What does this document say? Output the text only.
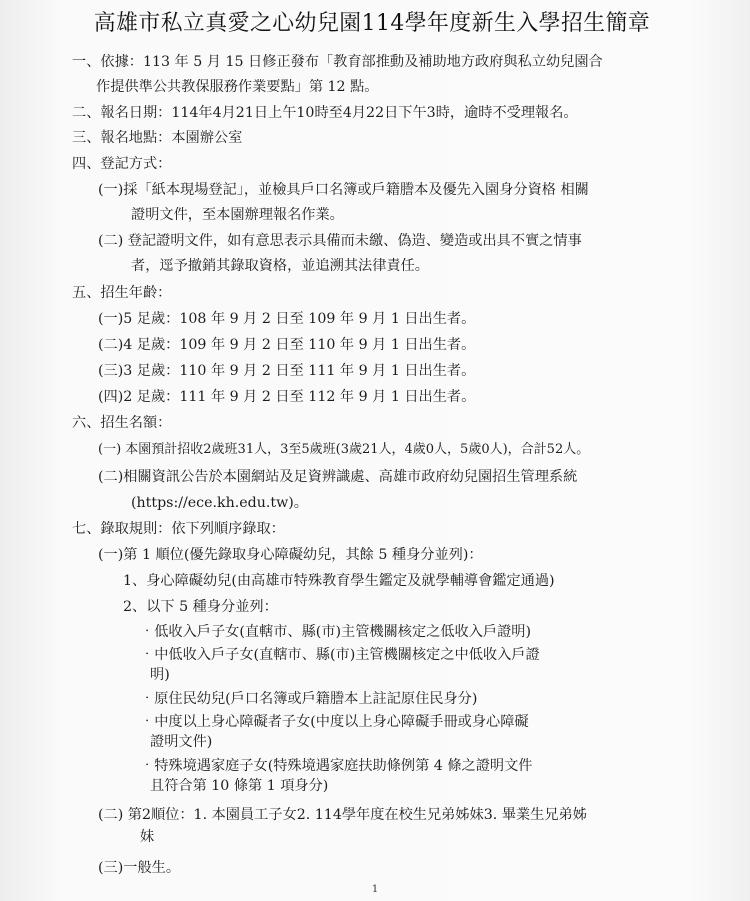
高雄市私立真愛之心幼兒園114學年度新生入學招生簡章
一、依據：113 年 5 月 15 日修正發布「教育部推動及補助地方政府與私立幼兒園合
作提供準公共教保服務作業要點」第 12 點。
二、報名日期：114年4月21日上午10時至4月22日下午3時，逾時不受理報名。
三、報名地點：本園辦公室
四、登記方式：
(一)採「紙本現場登記」，並檢具戶口名簿或戶籍謄本及優先入園身分資格 相關
證明文件，至本園辦理報名作業。
(二) 登記證明文件，如有意思表示具備而未繳、偽造、變造或出具不實之情事
者，逕予撤銷其錄取資格，並追溯其法律責任。
五、招生年齡：
(一)5 足歲：108 年 9 月 2 日至 109 年 9 月 1 日出生者。
(二)4 足歲：109 年 9 月 2 日至 110 年 9 月 1 日出生者。
(三)3 足歲：110 年 9 月 2 日至 111 年 9 月 1 日出生者。
(四)2 足歲：111 年 9 月 2 日至 112 年 9 月 1 日出生者。
六、招生名額：
(一) 本園預計招收2歲班31人，3至5歲班(3歲21人，4歲0人，5歲0人)，合計52人。
(二)相關資訊公告於本園網站及足資辨識處、高雄市政府幼兒園招生管理系統
(https://ece.kh.edu.tw)。
七、錄取規則：依下列順序錄取：
(一)第 1 順位(優先錄取身心障礙幼兒，其餘 5 種身分並列)：
1、身心障礙幼兒(由高雄市特殊教育學生鑑定及就學輔導會鑑定通過)
2、以下 5 種身分並列：
‧低收入戶子女(直轄市、縣(市)主管機關核定之低收入戶證明)
‧中低收入戶子女(直轄市、縣(市)主管機關核定之中低收入戶證
明)
‧原住民幼兒(戶口名簿或戶籍謄本上註記原住民身分)
‧中度以上身心障礙者子女(中度以上身心障礙手冊或身心障礙
證明文件)
‧特殊境遇家庭子女(特殊境遇家庭扶助條例第 4 條之證明文件
且符合第 10 條第 1 項身分)
(二) 第2順位：1. 本園員工子女2. 114學年度在校生兄弟姊妹3. 畢業生兄弟姊
妹
(三)一般生。
1
